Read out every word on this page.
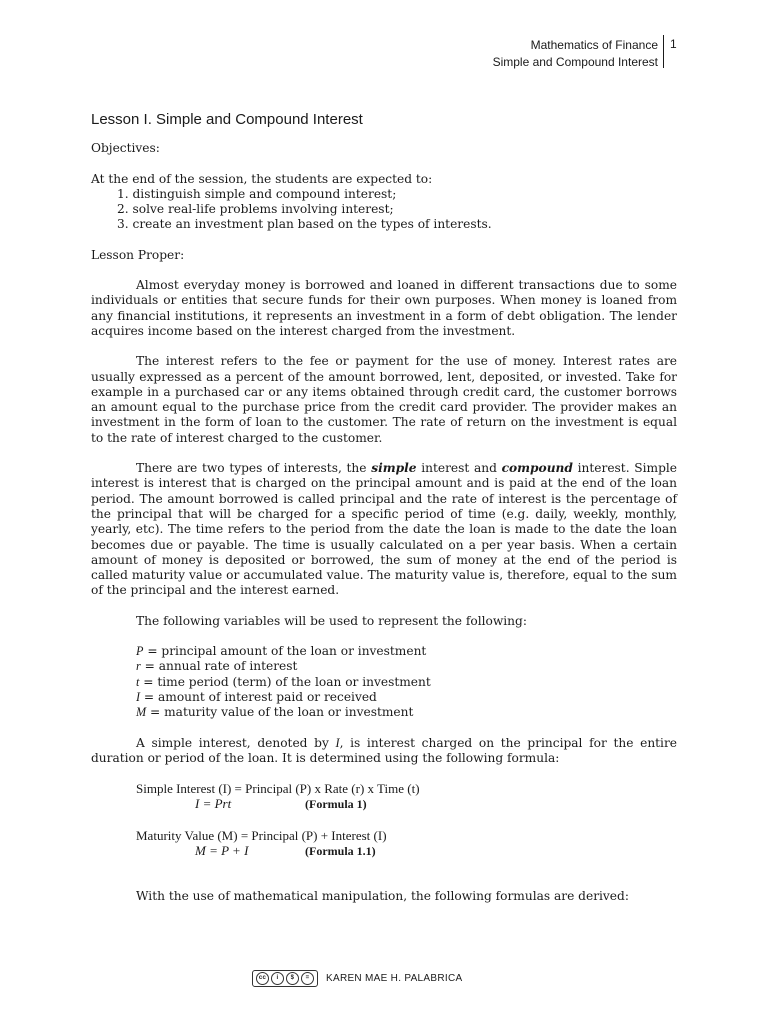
Mathematics of Finance
Simple and Compound Interest
1
Lesson I. Simple and Compound Interest

Objectives:

At the end of the session, the students are expected to:

1. distinguish simple and compound interest;
2. solve real-life problems involving interest;
3. create an investment plan based on the types of interests.

Lesson Proper:

Almost everyday money is borrowed and loaned in different transactions due to some individuals or entities that secure funds for their own purposes. When money is loaned from any financial institutions, it represents an investment in a form of debt obligation. The lender acquires income based on the interest charged from the investment.

The interest refers to the fee or payment for the use of money. Interest rates are usually expressed as a percent of the amount borrowed, lent, deposited, or invested. Take for example in a purchased car or any items obtained through credit card, the customer borrows an amount equal to the purchase price from the credit card provider. The provider makes an investment in the form of loan to the customer. The rate of return on the investment is equal to the rate of interest charged to the customer.

There are two types of interests, the simple interest and compound interest. Simple interest is interest that is charged on the principal amount and is paid at the end of the loan period. The amount borrowed is called principal and the rate of interest is the percentage of the principal that will be charged for a specific period of time (e.g. daily, weekly, monthly, yearly, etc). The time refers to the period from the date the loan is made to the date the loan becomes due or payable. The time is usually calculated on a per year basis. When a certain amount of money is deposited or borrowed, the sum of money at the end of the period is called maturity value or accumulated value. The maturity value is, therefore, equal to the sum of the principal and the interest earned.

The following variables will be used to represent the following:

P = principal amount of the loan or investment
r = annual rate of interest
t = time period (term) of the loan or investment
I = amount of interest paid or received
M = maturity value of the loan or investment

A simple interest, denoted by I, is interest charged on the principal for the entire duration or period of the loan. It is determined using the following formula:

Simple Interest (I) = Principal (P) x Rate (r) x Time (t)
I = Prt	(Formula 1)
Maturity Value (M) = Principal (P) + Interest (I)
M = P + I	(Formula 1.1)

With the use of mathematical manipulation, the following formulas are derived:

cc	i	$	=	KAREN MAE H. PALABRICA
